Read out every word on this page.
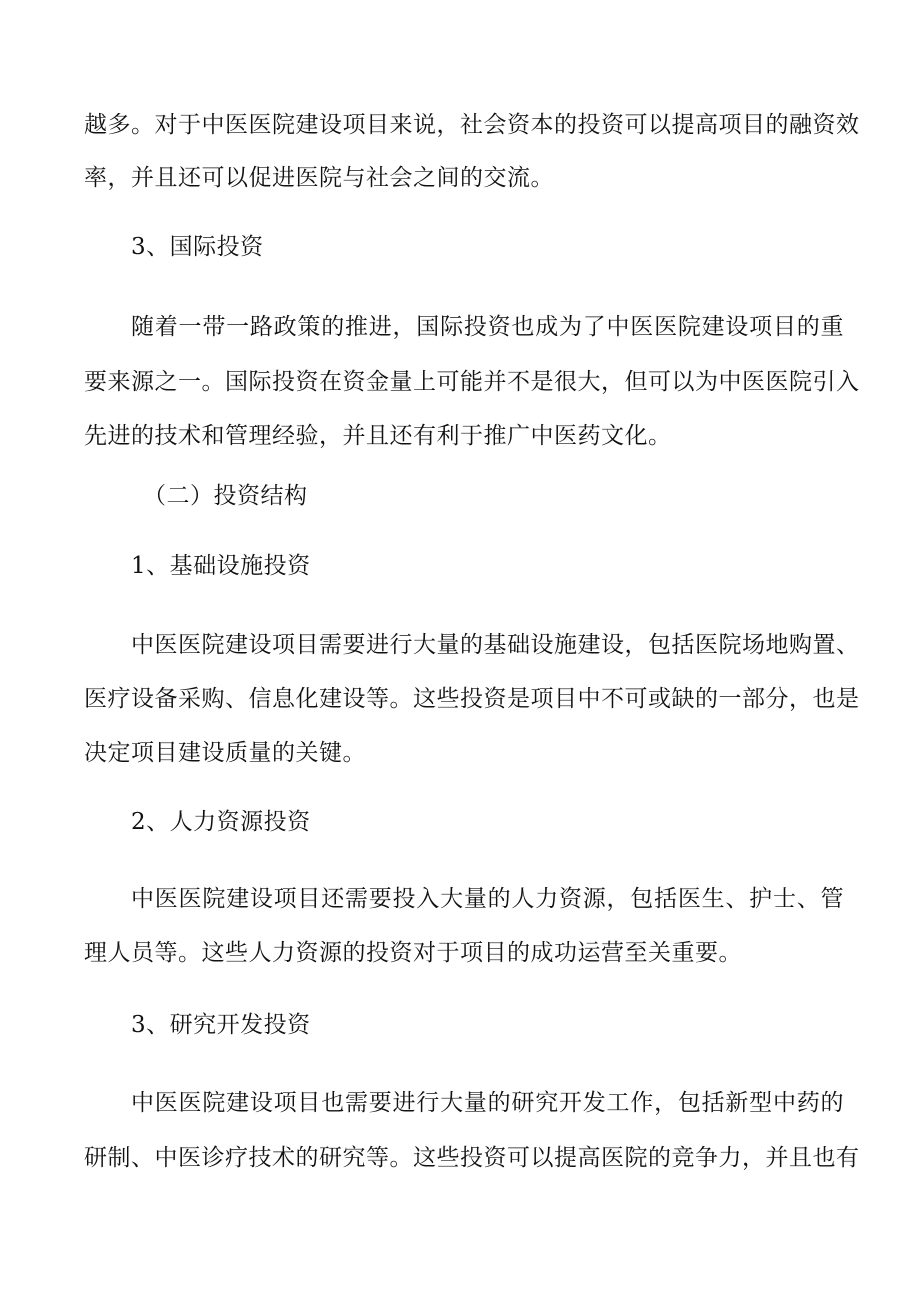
越多。对于中医医院建设项目来说，社会资本的投资可以提高项目的融资效
率，并且还可以促进医院与社会之间的交流。
3、国际投资
随着一带一路政策的推进，国际投资也成为了中医医院建设项目的重
要来源之一。国际投资在资金量上可能并不是很大，但可以为中医医院引入
先进的技术和管理经验，并且还有利于推广中医药文化。
（二）投资结构
1、基础设施投资
中医医院建设项目需要进行大量的基础设施建设，包括医院场地购置、
医疗设备采购、信息化建设等。这些投资是项目中不可或缺的一部分，也是
决定项目建设质量的关键。
2、人力资源投资
中医医院建设项目还需要投入大量的人力资源，包括医生、护士、管
理人员等。这些人力资源的投资对于项目的成功运营至关重要。
3、研究开发投资
中医医院建设项目也需要进行大量的研究开发工作，包括新型中药的
研制、中医诊疗技术的研究等。这些投资可以提高医院的竞争力，并且也有
